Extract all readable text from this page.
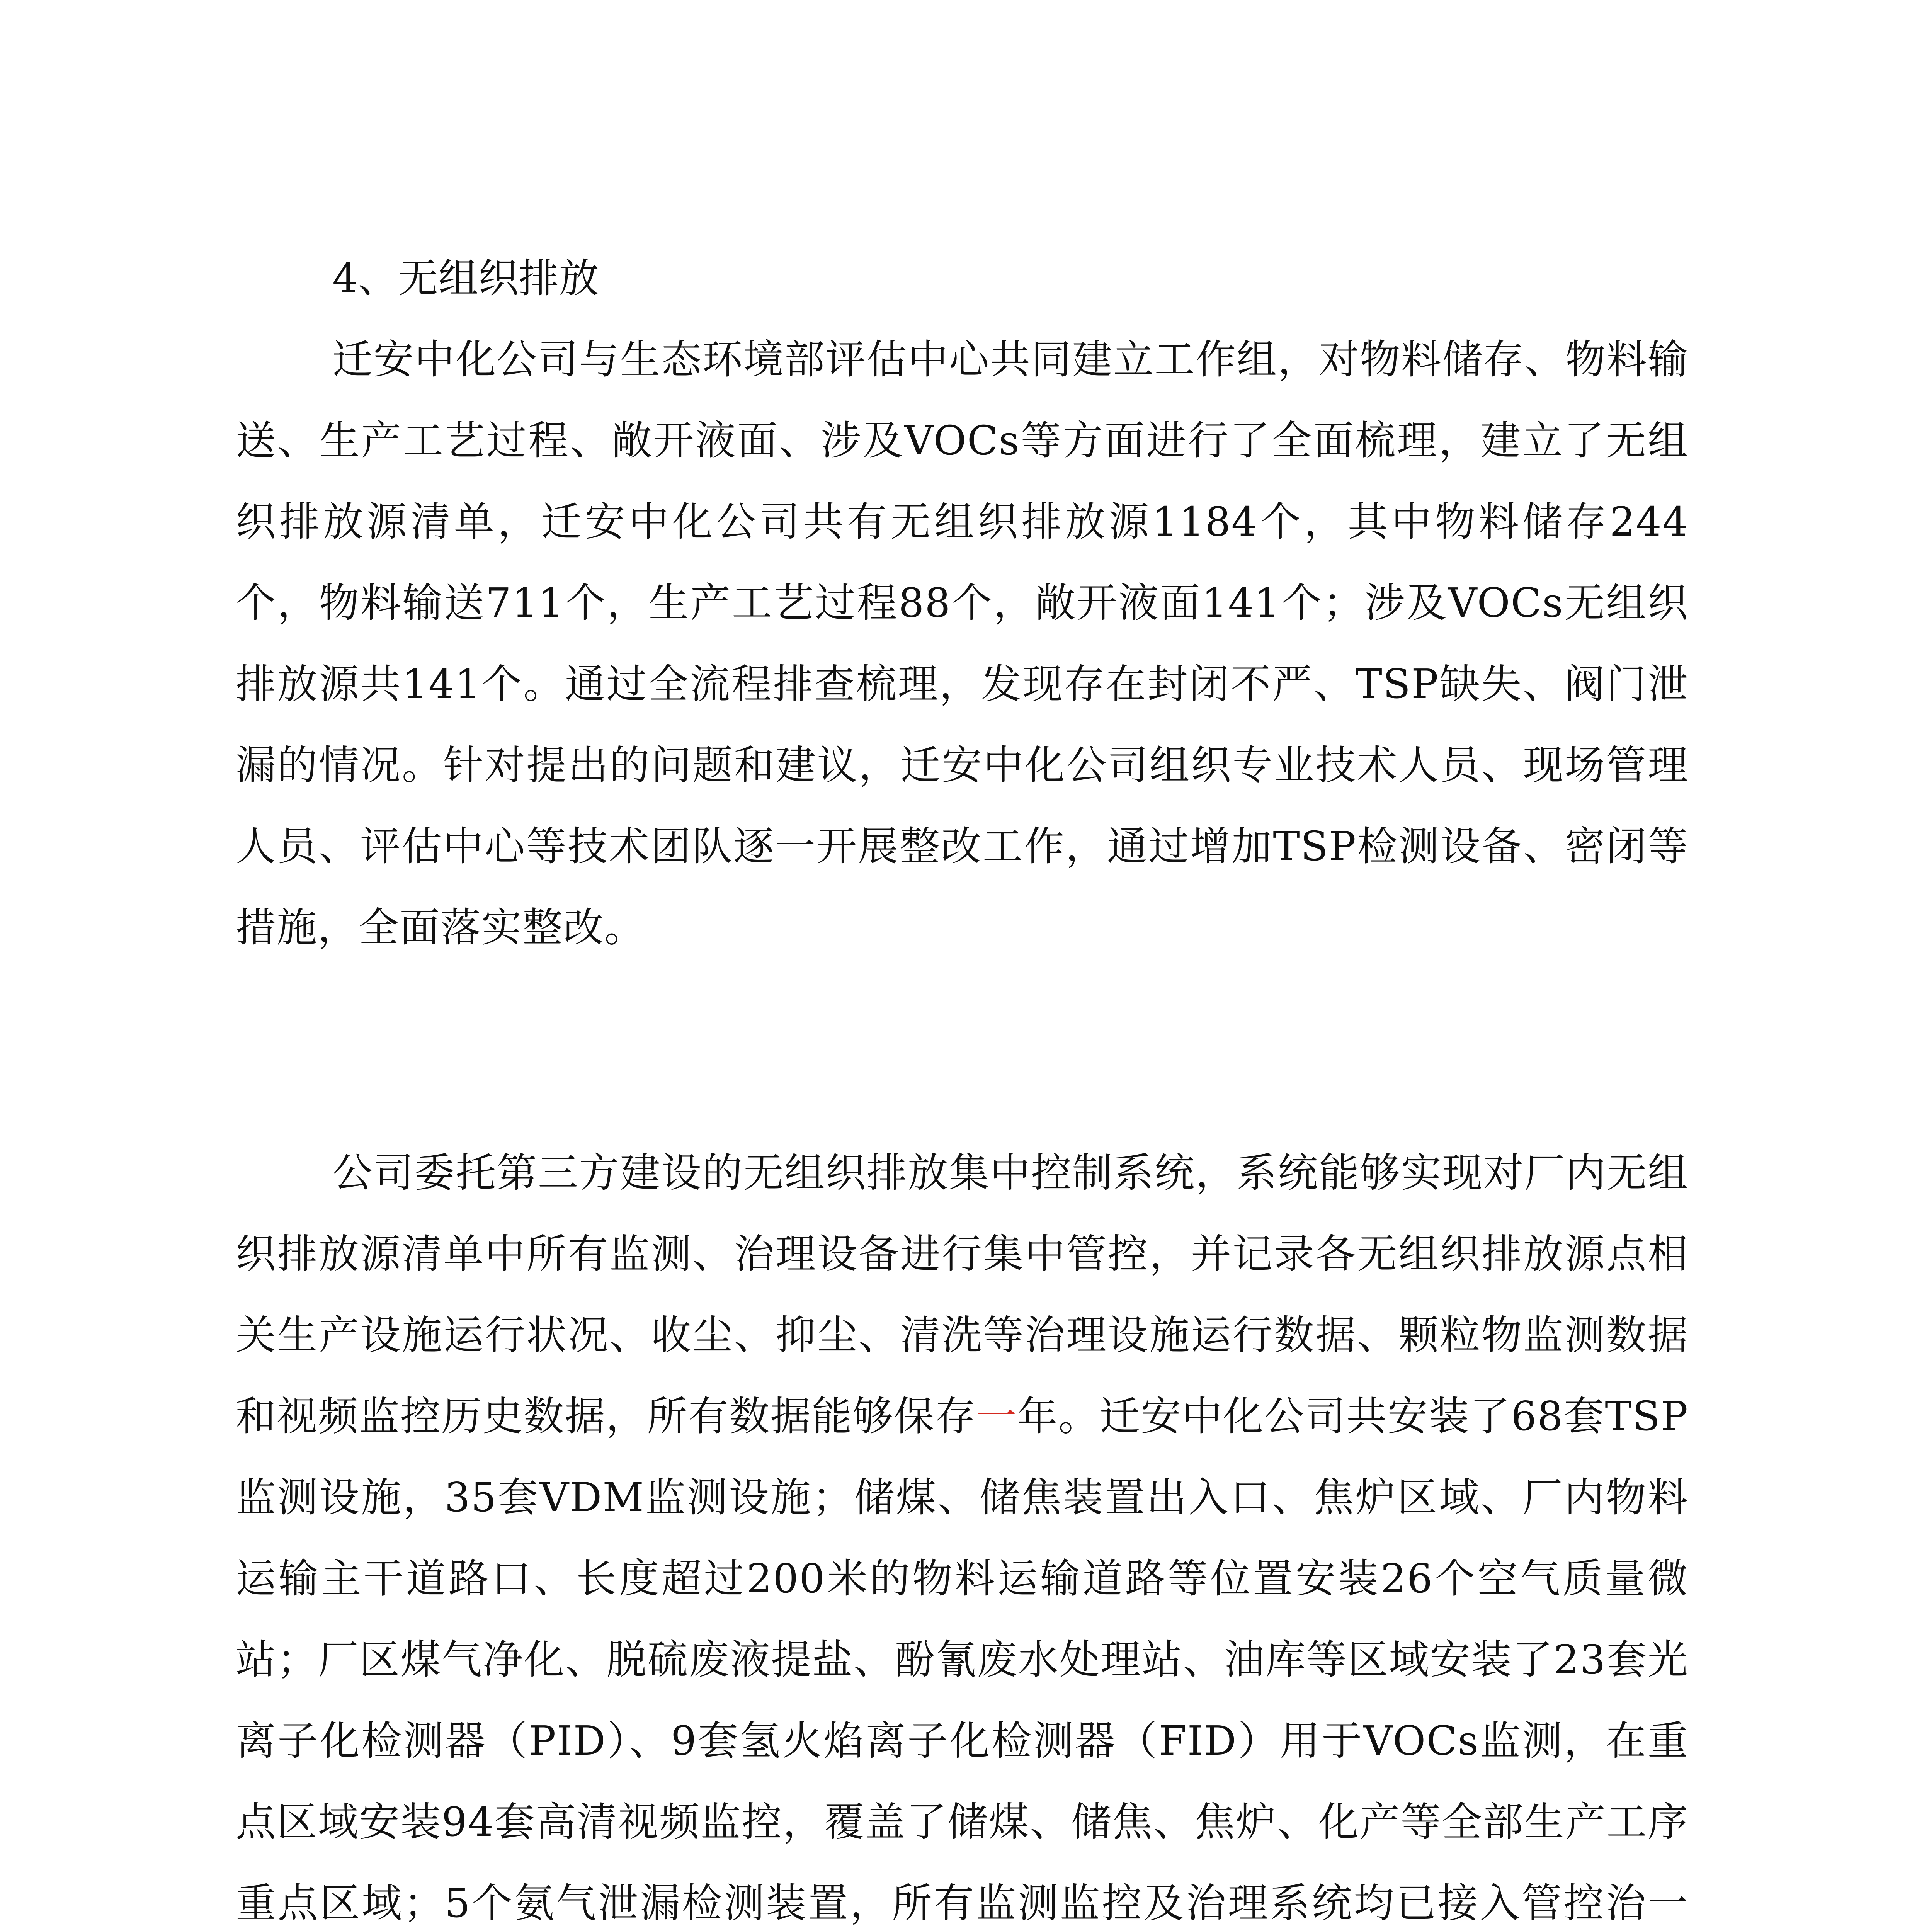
4、无组织排放

迁安中化公司与生态环境部评估中心共同建立工作组，对物料储存、物料输送、生产工艺过程、敞开液面、涉及VOCs等方面进行了全面梳理，建立了无组织排放源清单，迁安中化公司共有无组织排放源1184个，其中物料储存244个，物料输送711个，生产工艺过程88个，敞开液面141个；涉及VOCs无组织排放源共141个。通过全流程排查梳理，发现存在封闭不严、TSP缺失、阀门泄漏的情况。针对提出的问题和建议，迁安中化公司组织专业技术人员、现场管理人员、评估中心等技术团队逐一开展整改工作，通过增加TSP检测设备、密闭等措施，全面落实整改。

公司委托第三方建设的无组织排放集中控制系统，系统能够实现对厂内无组织排放源清单中所有监测、治理设备进行集中管控，并记录各无组织排放源点相关生产设施运行状况、收尘、抑尘、清洗等治理设施运行数据、颗粒物监测数据和视频监控历史数据，所有数据能够保存一年。迁安中化公司共安装了68套TSP监测设施，35套VDM监测设施；储煤、储焦装置出入口、焦炉区域、厂内物料运输主干道路口、长度超过200米的物料运输道路等位置安装26个空气质量微站；厂区煤气净化、脱硫废液提盐、酚氰废水处理站、油库等区域安装了23套光离子化检测器（PID）、9套氢火焰离子化检测器（FID）用于VOCs监测，在重点区域安装94套高清视频监控，覆盖了储煤、储焦、焦炉、化产等全部生产工序重点区域；5个氨气泄漏检测装置，所有监测监控及治理系统均已接入管控治一
